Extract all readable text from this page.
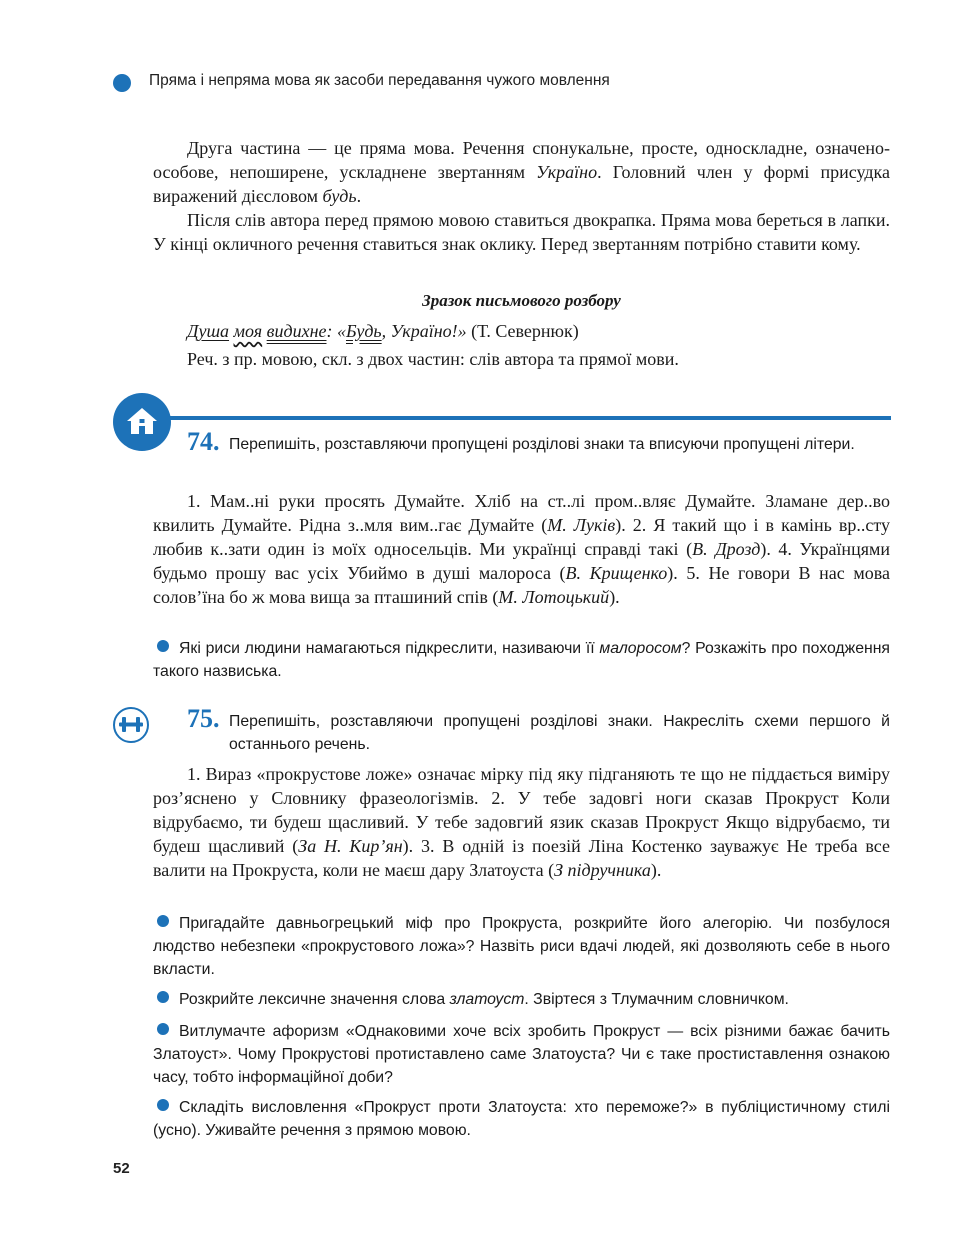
Пряма і непряма мова як засоби передавання чужого мовлення

Друга частина — це пряма мова. Речення спонукальне, просте, односкладне, означено-особове, непоширене, ускладнене звертанням Україно. Головний член у формі присудка виражений дієсловом будь.

Після слів автора перед прямою мовою ставиться двокрапка. Пряма мова береться в лапки. У кінці окличного речення ставиться знак оклику. Перед звертанням потрібно ставити кому.

Зразок письмового розбору

Душа моя видихне: «Будь, Україно!» (Т. Севернюк)

Реч. з пр. мовою, скл. з двох частин: слів автора та прямої мови.

74. Перепишіть, розставляючи пропущені розділові знаки та вписуючи пропущені літери.

1. Мам..ні руки просять Думайте. Хліб на ст..лі пром..вляє Думайте. Зламане дер..во квилить Думайте. Рідна з..мля вим..гає Думайте (М. Луків). 2. Я такий що і в камінь вр..сту любив к..зати один із моїх односельців. Ми українці справді такі (В. Дрозд). 4. Українцями будьмо прошу вас усіх Убиймо в душі малороса (В. Крищенко). 5. Не говори В нас мова солов’їна бо ж мова вища за пташиний спів (М. Лотоцький).

Які риси людини намагаються підкреслити, називаючи її малоросом? Розкажіть про походження такого назвиська.

75. Перепишіть, розставляючи пропущені розділові знаки. Накресліть схеми першого й останнього речень.

1. Вираз «прокрустове ложе» означає мірку під яку підганяють те що не піддається виміру роз’яснено у Словнику фразеологізмів. 2. У тебе задовгі ноги сказав Прокруст Коли відрубаємо, ти будеш щасливий. У тебе задовгий язик сказав Прокруст Якщо відрубаємо, ти будеш щасливий (За Н. Кир’ян). 3. В одній із поезій Ліна Костенко зауважує Не треба все валити на Прокруста, коли не маєш дару Златоуста (З підручника).

Пригадайте давньогрецький міф про Прокруста, розкрийте його алегорію. Чи позбулося людство небезпеки «прокрустового ложа»? Назвіть риси вдачі людей, які дозволяють себе в нього вкласти.

Розкрийте лексичне значення слова златоуст. Звіртеся з Тлумачним словничком.

Витлумачте афоризм «Однаковими хоче всіх зробить Прокруст — всіх різними бажає бачить Златоуст». Чому Прокрустові протиставлено саме Златоуста? Чи є таке простиставлення ознакою часу, тобто інформаційної доби?

Складіть висловлення «Прокруст проти Златоуста: хто переможе?» в публіцистичному стилі (усно). Уживайте речення з прямою мовою.

52
